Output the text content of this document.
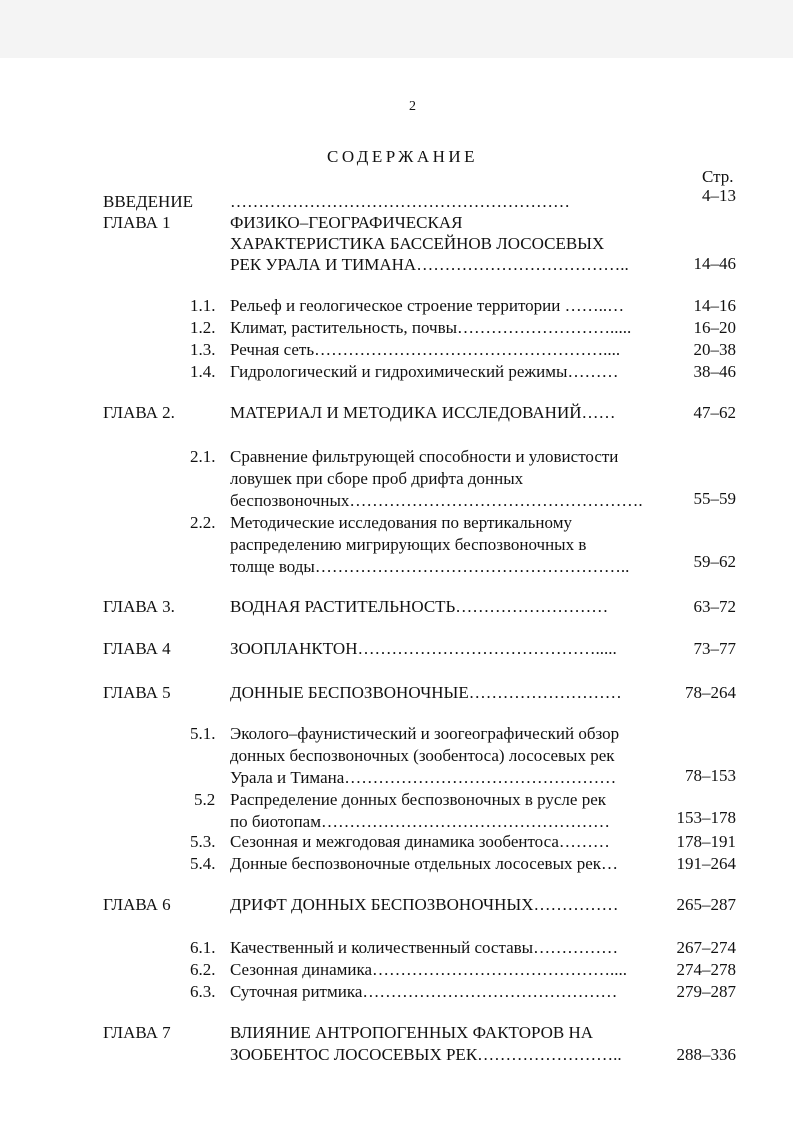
2
СОДЕРЖАНИЕ
Стр.
ВВЕДЕНИЕ ……………………………………………………	4–13
ГЛАВА 1	ФИЗИКО–ГЕОГРАФИЧЕСКАЯ
ХАРАКТЕРИСТИКА БАССЕЙНОВ ЛОСОСЕВЫХ
РЕК УРАЛА И ТИМАНА………………………………..	14–46
1.1. Рельеф и геологическое строение территории ……..…	14–16
1.2. Климат, растительность, почвы……………………….....	16–20
1.3. Речная сеть……………………………………………....	20–38
1.4. Гидрологический и гидрохимический режимы………	38–46
ГЛАВА 2.	МАТЕРИАЛ И МЕТОДИКА ИССЛЕДОВАНИЙ……	47–62
2.1. Сравнение фильтрующей способности и уловистости
ловушек при сборе проб дрифта донных
беспозвоночных…………………………………………….	55–59
2.2. Методические исследования по вертикальному
распределению мигрирующих беспозвоночных в
толще воды………………………………………………..	59–62
ГЛАВА 3.	ВОДНАЯ РАСТИТЕЛЬНОСТЬ………………………	63–72
ГЛАВА 4	ЗООПЛАНКТОН…………………………………….....	73–77
ГЛАВА 5	ДОННЫЕ БЕСПОЗВОНОЧНЫЕ………………………	78–264
5.1. Эколого–фаунистический и зоогеографический обзор
донных беспозвоночных (зообентоса) лососевых рек
Урала и Тимана…………………………………………	78–153
5.2 Распределение донных беспозвоночных в русле рек
по биотопам……………………………………………	153–178
5.3. Сезонная и межгодовая динамика зообентоса………	178–191
5.4. Донные беспозвоночные отдельных лососевых рек…	191–264
ГЛАВА 6	ДРИФТ ДОННЫХ БЕСПОЗВОНОЧНЫХ……………	265–287
6.1. Качественный и количественный составы……………	267–274
6.2. Сезонная динамика……………………………………....	274–278
6.3. Суточная ритмика………………………………………	279–287
ГЛАВА 7	ВЛИЯНИЕ АНТРОПОГЕННЫХ ФАКТОРОВ НА
ЗООБЕНТОС ЛОСОСЕВЫХ РЕК……………………..	288–336
